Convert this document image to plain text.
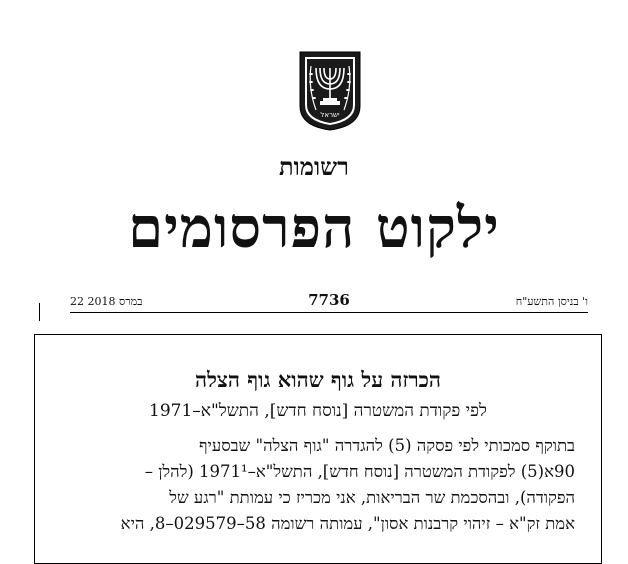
ישראל
רשומות
ילקוט הפרסומים
22 במרס 2018	7736	ו' בניסן התשע"ח
הכרזה על גוף שהוא גוף הצלה
לפי פקודת המשטרה [נוסח חדש], התשל"א–1971
בתוקף סמכותי לפי פסקה (5) להגדרה "גוף הצלה" שבסעיף
90א(5) לפקודת המשטרה [נוסח חדש], התשל"א–1971¹ (להלן –
הפקודה), ובהסכמת שר הבריאות, אני מכריז כי עמותת "רגע של
אמת זק"א – זיהוי קרבנות אסון", עמותה רשומה 58–029579–8, היא
